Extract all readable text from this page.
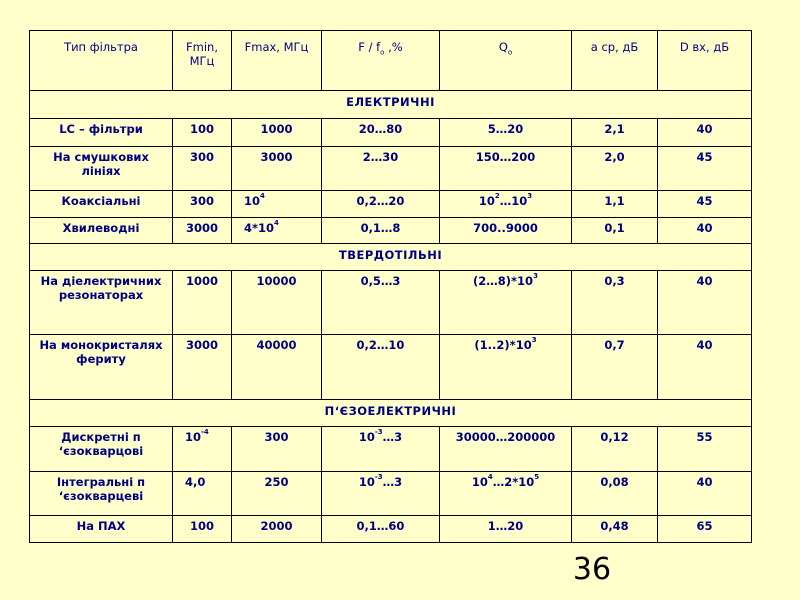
Тип фільтра	Fmin, МГц	Fmax, МГц	F / $f_o$ ,%	$Q_o$	а ср, дБ	D вх, дБ
ЕЛЕКТРИЧНІ						
LC – фільтри	100	1000	20…80	5…20	2,1	40
На смушкових лініях	300	3000	2…30	150…200	2,0	45
Коаксіальні	300	$10^4$	0,2…20	$10^2\dots 10^3$	1,1	45
Хвилеводні	3000	$4*10^4$	0,1…8	700..9000	0,1	40
ТВЕРДОТІЛЬНІ						
На діелектричних резонаторах	1000	10000	0,5…3	$(2\dots 8)*10^3$	0,3	40
На монокристалях фериту	3000	40000	0,2…10	$(1..2)*10^3$	0,7	40
П‘ЄЗОЕЛЕКТРИЧНІ						
Дискретні п ‘єзокварцові	$10^{-4}$	300	$10^{-3}\dots 3$	30000…200000	0,12	55
Інтегральні п ‘єзокварцеві	4,0	250	$10^{-3}\dots 3$	$10^4\dots 2*10^5$	0,08	40
На ПАХ	100	2000	0,1…60	1…20	0,48	65
36
